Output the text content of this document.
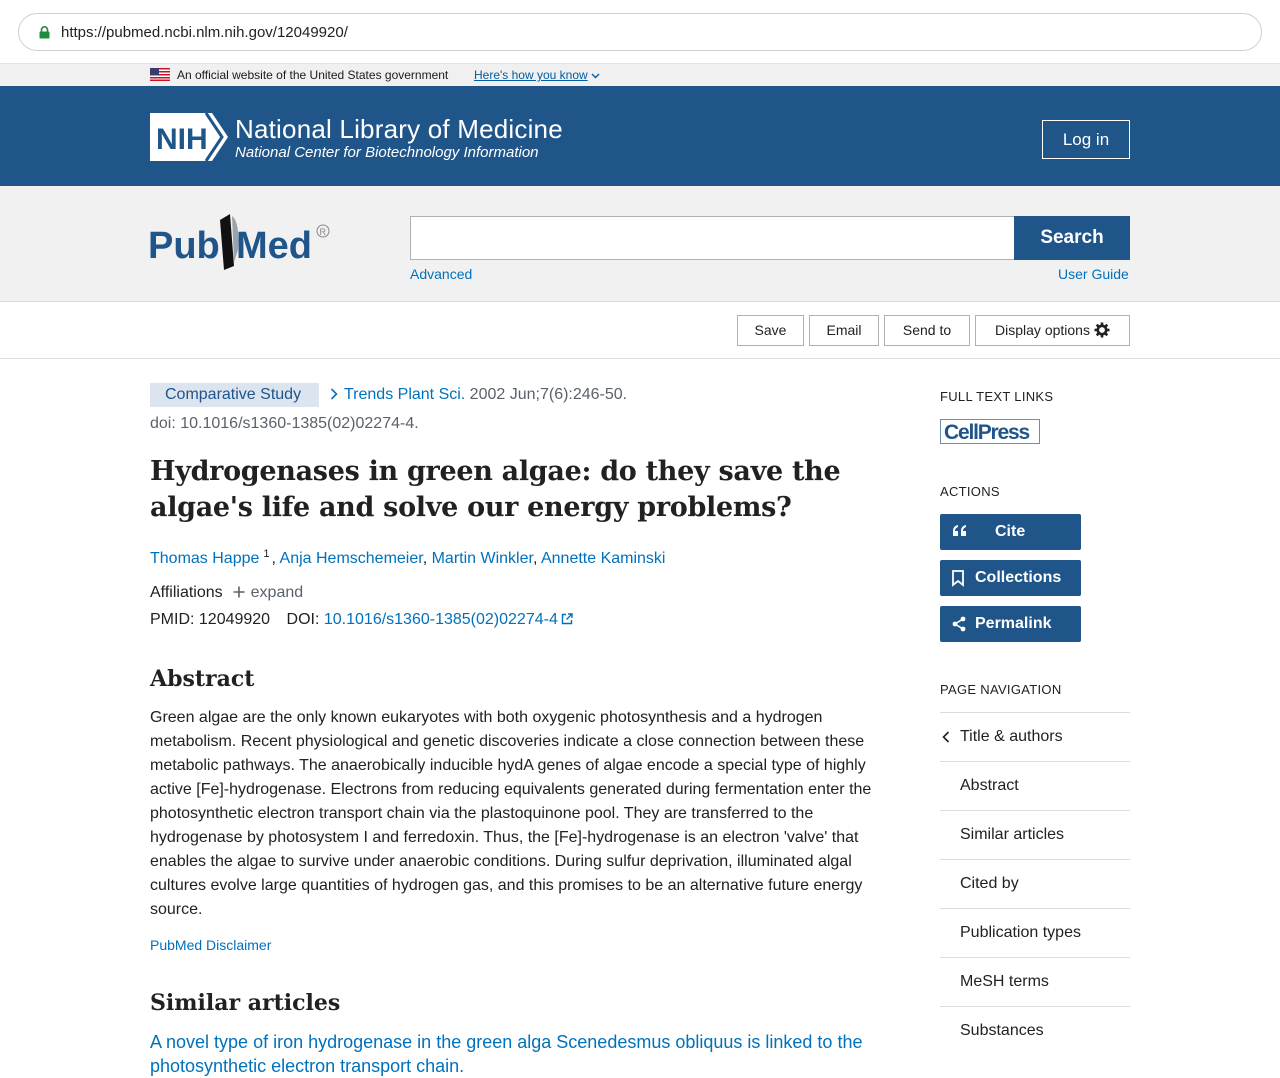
https://pubmed.ncbi.nlm.nih.gov/12049920/
An official website of the United States government Here's how you know
NIH National Library of Medicine
National Center for Biotechnology Information
Log in
Pub Med R	Search
Advanced	User Guide
Save	Email	Send to	Display options
Comparative Study	Trends Plant Sci. 2002 Jun;7(6):246-50.
doi: 10.1016/s1360-1385(02)02274-4.
Hydrogenases in green algae: do they save the algae's life and solve our energy problems?
Thomas Happe $^1$ , Anja Hemschemeier, Martin Winkler, Annette Kaminski
Affiliations expand
PMID: 12049920 DOI: 10.1016/s1360-1385(02)02274-4
Abstract

Green algae are the only known eukaryotes with both oxygenic photosynthesis and a hydrogen metabolism. Recent physiological and genetic discoveries indicate a close connection between these metabolic pathways. The anaerobically inducible hydA genes of algae encode a special type of highly active [Fe]-hydrogenase. Electrons from reducing equivalents generated during fermentation enter the photosynthetic electron transport chain via the plastoquinone pool. They are transferred to the hydrogenase by photosystem I and ferredoxin. Thus, the [Fe]-hydrogenase is an electron 'valve' that enables the algae to survive under anaerobic conditions. During sulfur deprivation, illuminated algal cultures evolve large quantities of hydrogen gas, and this promises to be an alternative future energy source.

PubMed Disclaimer
Similar articles
A novel type of iron hydrogenase in the green alga Scenedesmus obliquus is linked to the photosynthetic electron transport chain.
FULL TEXT LINKS
CellPress
ACTIONS
Cite
Collections
Permalink
PAGE NAVIGATION
Title & authors
Abstract
Similar articles
Cited by
Publication types
MeSH terms
Substances
